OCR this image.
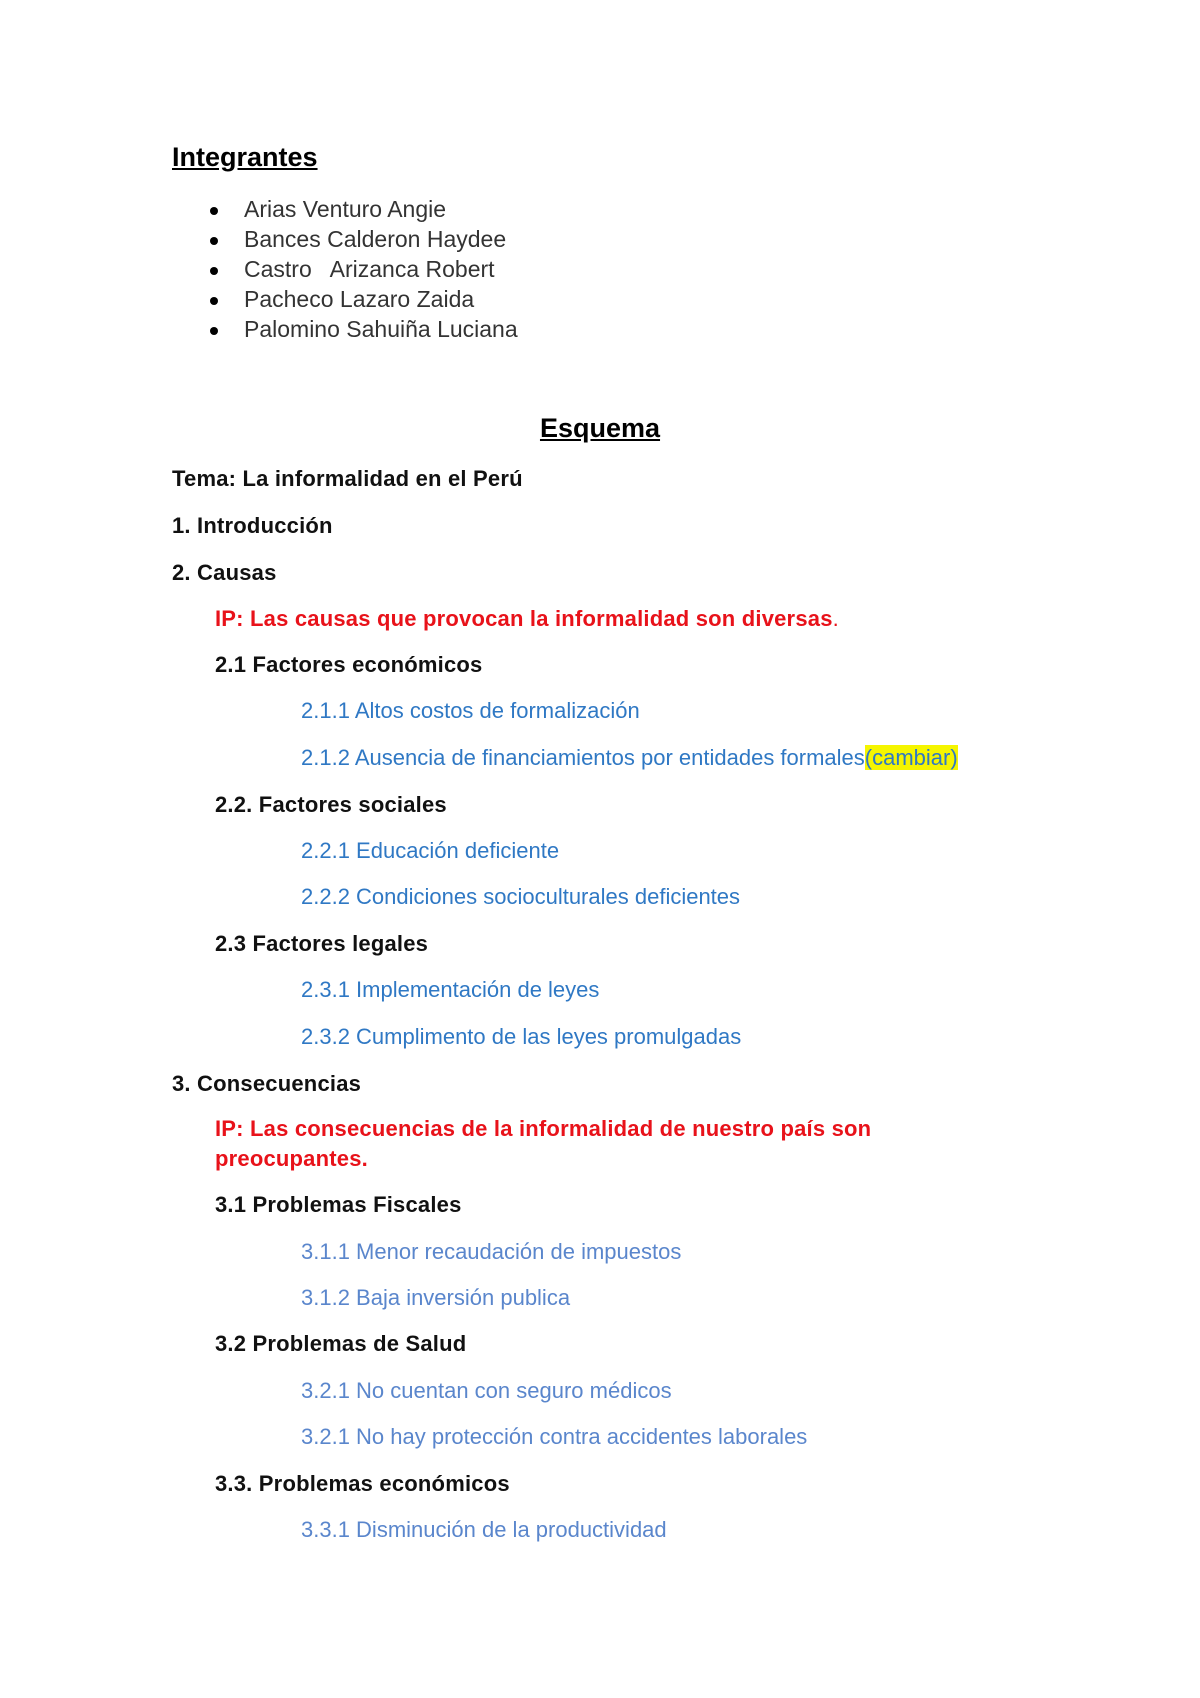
Integrantes
Arias Venturo Angie
Bances Calderon Haydee
Castro   Arizanca Robert
Pacheco Lazaro Zaida
Palomino Sahuiña Luciana
Esquema
Tema: La informalidad en el Perú
1. Introducción
2. Causas
IP: Las causas que provocan la informalidad son diversas.
2.1 Factores económicos
2.1.1 Altos costos de formalización
2.1.2 Ausencia de financiamientos por entidades formales(cambiar)
2.2. Factores sociales
2.2.1 Educación deficiente
2.2.2 Condiciones socioculturales deficientes
2.3 Factores legales
2.3.1 Implementación de leyes
2.3.2 Cumplimento de las leyes promulgadas
3. Consecuencias
IP: Las consecuencias de la informalidad de nuestro país son
preocupantes.
3.1 Problemas Fiscales
3.1.1 Menor recaudación de impuestos
3.1.2 Baja inversión publica
3.2 Problemas de Salud
3.2.1 No cuentan con seguro médicos
3.2.1 No hay protección contra accidentes laborales
3.3. Problemas económicos
3.3.1 Disminución de la productividad
